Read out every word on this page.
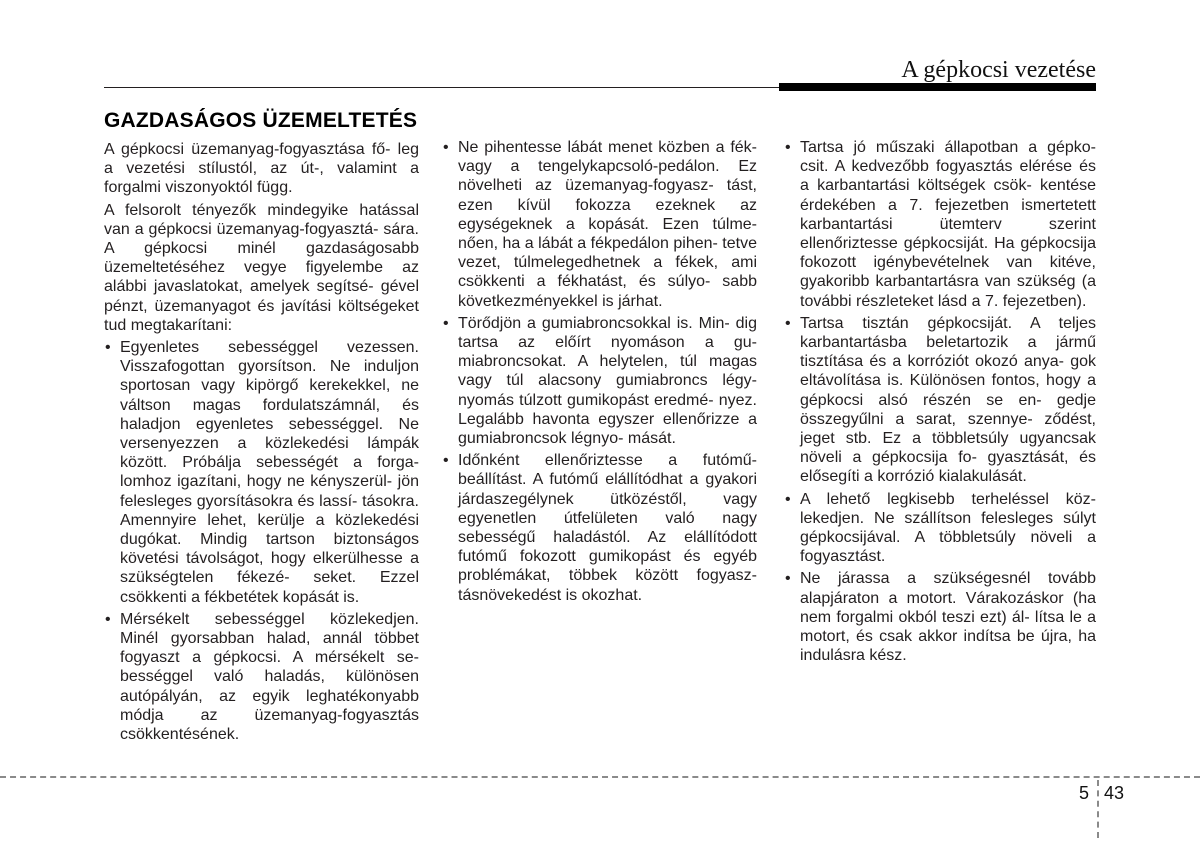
A gépkocsi vezetése
GAZDASÁGOS ÜZEMELTETÉS

A gépkocsi üzemanyag-fogyasztása fő- leg a vezetési stílustól, az út-, valamint a forgalmi viszonyoktól függ.

A felsorolt tényezők mindegyike hatással van a gépkocsi üzemanyag-fogyasztá- sára. A gépkocsi minél gazdaságosabb üzemeltetéséhez vegye figyelembe az alábbi javaslatokat, amelyek segítsé- gével pénzt, üzemanyagot és javítási költségeket tud megtakarítani:

• Egyenletes sebességgel vezessen. Visszafogottan gyorsítson. Ne induljon sportosan vagy kipörgő kerekekkel, ne váltson magas fordulatszámnál, és haladjon egyenletes sebességgel. Ne versenyezzen a közlekedési lámpák között. Próbálja sebességét a forga- lomhoz igazítani, hogy ne kényszerül- jön felesleges gyorsításokra és lassí- tásokra. Amennyire lehet, kerülje a közlekedési dugókat. Mindig tartson biztonságos követési távolságot, hogy elkerülhesse a szükségtelen fékezé- seket. Ezzel csökkenti a fékbetétek kopását is.
• Mérsékelt sebességgel közlekedjen. Minél gyorsabban halad, annál többet fogyaszt a gépkocsi. A mérsékelt se- bességgel való haladás, különösen autópályán, az egyik leghatékonyabb módja az üzemanyag-fogyasztás csökkentésének.
• Ne pihentesse lábát menet közben a fék- vagy a tengelykapcsoló-pedálon. Ez növelheti az üzemanyag-fogyasz- tást, ezen kívül fokozza ezeknek az egységeknek a kopását. Ezen túlme- nően, ha a lábát a fékpedálon pihen- tetve vezet, túlmelegedhetnek a fékek, ami csökkenti a fékhatást, és súlyo- sabb következményekkel is járhat.
• Törődjön a gumiabroncsokkal is. Min- dig tartsa az előírt nyomáson a gu- miabroncsokat. A helytelen, túl magas vagy túl alacsony gumiabroncs légy- nyomás túlzott gumikopást eredmé- nyez. Legalább havonta egyszer ellenőrizze a gumiabroncsok légnyo- mását.
• Időnként ellenőriztesse a futómű- beállítást. A futómű elállítódhat a gyakori járdaszegélynek ütközéstől, vagy egyenetlen útfelületen való nagy sebességű haladástól. Az elállítódott futómű fokozott gumikopást és egyéb problémákat, többek között fogyasz- tásnövekedést is okozhat.
• Tartsa jó műszaki állapotban a gépko- csit. A kedvezőbb fogyasztás elérése és a karbantartási költségek csök- kentése érdekében a 7. fejezetben ismertetett karbantartási ütemterv szerint ellenőriztesse gépkocsiját. Ha gépkocsija fokozott igénybevételnek van kitéve, gyakoribb karbantartásra van szükség (a további részleteket lásd a 7. fejezetben).
• Tartsa tisztán gépkocsiját. A teljes karbantartásba beletartozik a jármű tisztítása és a korróziót okozó anya- gok eltávolítása is. Különösen fontos, hogy a gépkocsi alsó részén se en- gedje összegyűlni a sarat, szennye- ződést, jeget stb. Ez a többletsúly ugyancsak növeli a gépkocsija fo- gyasztását, és elősegíti a korrózió kialakulását.
• A lehető legkisebb terheléssel köz- lekedjen. Ne szállítson felesleges súlyt gépkocsijával. A többletsúly növeli a fogyasztást.
• Ne járassa a szükségesnél tovább alapjáraton a motort. Várakozáskor (ha nem forgalmi okból teszi ezt) ál- lítsa le a motort, és csak akkor indítsa be újra, ha indulásra kész.
5 43
